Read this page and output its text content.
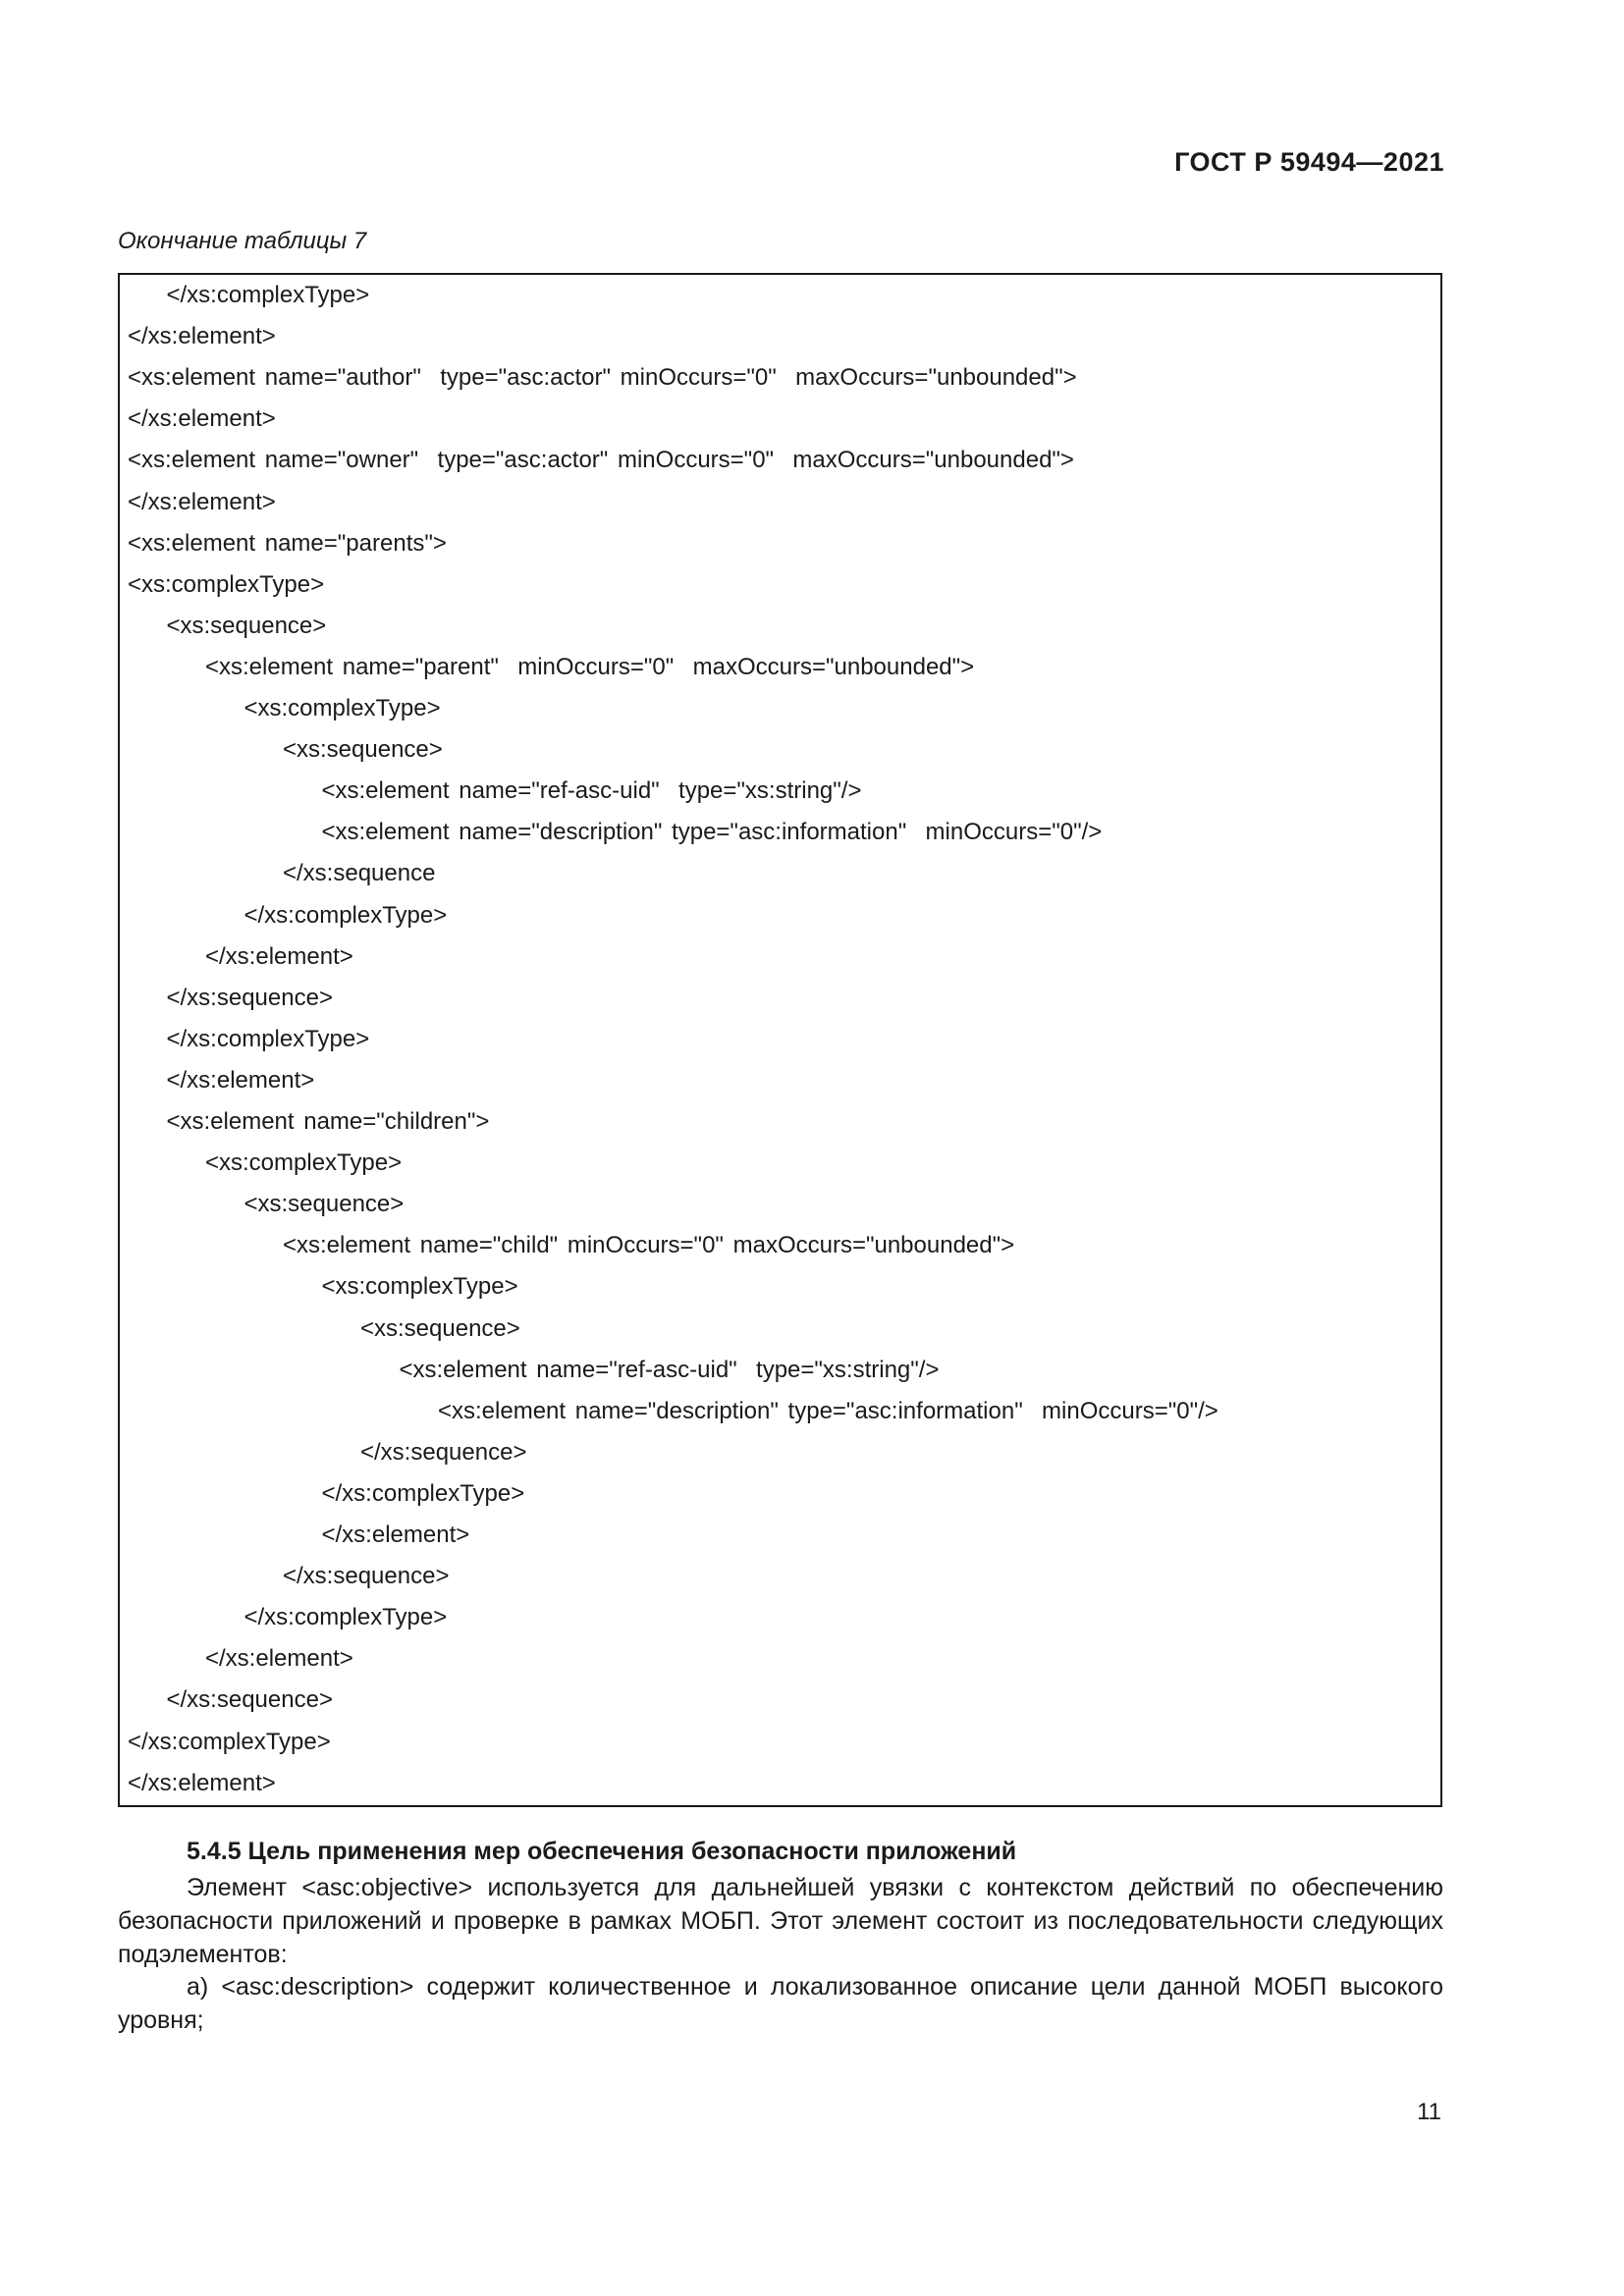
ГОСТ Р 59494—2021
Окончание таблицы 7
</xs:complexType>
</xs:element>
<xs:element name="author"  type="asc:actor" minOccurs="0"  maxOccurs="unbounded">
</xs:element>
<xs:element name="owner"  type="asc:actor" minOccurs="0"  maxOccurs="unbounded">
</xs:element>
<xs:element name="parents">
<xs:complexType>
<xs:sequence>
<xs:element name="parent"  minOccurs="0"  maxOccurs="unbounded">
<xs:complexType>
<xs:sequence>
<xs:element name="ref-asc-uid"  type="xs:string"/>
<xs:element name="description" type="asc:information"  minOccurs="0"/>
</xs:sequence
</xs:complexType>
</xs:element>
</xs:sequence>
</xs:complexType>
</xs:element>
<xs:element name="children">
<xs:complexType>
<xs:sequence>
<xs:element name="child" minOccurs="0" maxOccurs="unbounded">
<xs:complexType>
<xs:sequence>
<xs:element name="ref-asc-uid"  type="xs:string"/>
<xs:element name="description" type="asc:information"  minOccurs="0"/>
</xs:sequence>
</xs:complexType>
</xs:element>
</xs:sequence>
</xs:complexType>
</xs:element>
</xs:sequence>
</xs:complexType>
</xs:element>
5.4.5 Цель применения мер обеспечения безопасности приложений
Элемент <asc:objective> используется для дальнейшей увязки с контекстом действий по обеспечению безопасности приложений и проверке в рамках МОБП. Этот элемент состоит из последовательности следующих подэлементов:
а) <asc:description> содержит количественное и локализованное описание цели данной МОБП высокого уровня;
11
